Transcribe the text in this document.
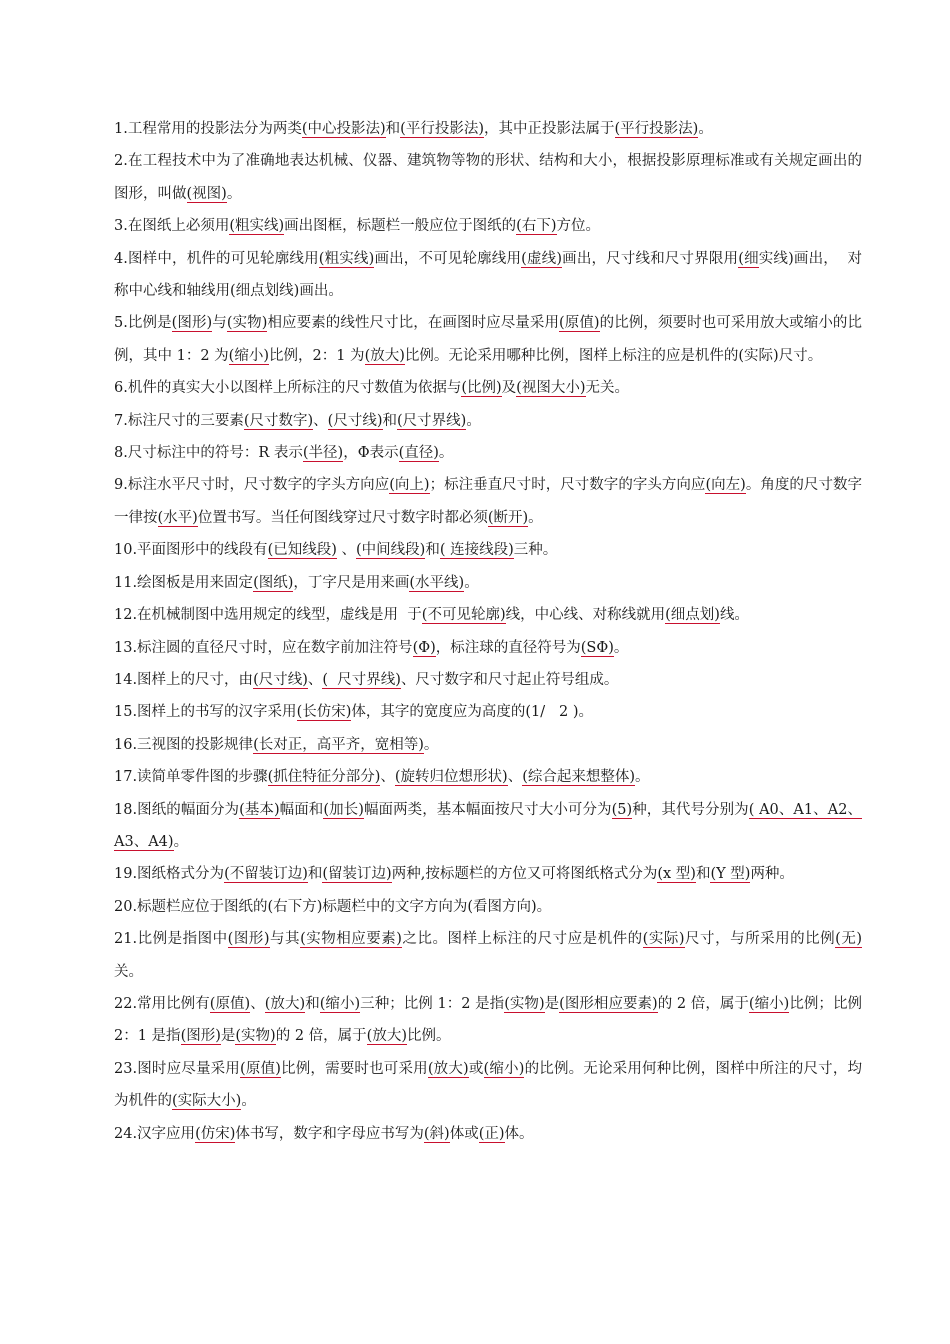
1.工程常用的投影法分为两类(中心投影法)和(平行投影法)，其中正投影法属于(平行投影法)。

2.在工程技术中为了准确地表达机械、仪器、建筑物等物的形状、结构和大小，根据投影原理标准或有关规定画出的图形，叫做(视图)。

3.在图纸上必须用(粗实线)画出图框，标题栏一般应位于图纸的(右下)方位。

4.图样中，机件的可见轮廓线用(粗实线)画出，不可见轮廓线用(虚线)画出，尺寸线和尺寸界限用(细实线)画出，  对称中心线和轴线用(细点划线)画出。

5.比例是(图形)与(实物)相应要素的线性尺寸比，在画图时应尽量采用(原值)的比例，须要时也可采用放大或缩小的比例，其中 1：2 为(缩小)比例，2：1 为(放大)比例。无论采用哪种比例，图样上标注的应是机件的(实际)尺寸。

6.机件的真实大小以图样上所标注的尺寸数值为依据与(比例)及(视图大小)无关。

7.标注尺寸的三要素(尺寸数字)、(尺寸线)和(尺寸界线)。

8.尺寸标注中的符号：R 表示(半径)，Φ表示(直径)。

9.标注水平尺寸时，尺寸数字的字头方向应(向上)；标注垂直尺寸时，尺寸数字的字头方向应(向左)。角度的尺寸数字一律按(水平)位置书写。当任何图线穿过尺寸数字时都必须(断开)。

10.平面图形中的线段有(已知线段) 、(中间线段)和( 连接线段)三种。

11.绘图板是用来固定(图纸)，丁字尺是用来画(水平线)。

12.在机械制图中选用规定的线型，虚线是用  于(不可见轮廓)线，中心线、对称线就用(细点划)线。

13.标注圆的直径尺寸时，应在数字前加注符号(Φ)，标注球的直径符号为(SΦ)。

14.图样上的尺寸，由(尺寸线)、(  尺寸界线)、尺寸数字和尺寸起止符号组成。

15.图样上的书写的汉字采用(长仿宋)体，其字的宽度应为高度的(1/   2 )。

16.三视图的投影规律(长对正，高平齐，宽相等)。

17.读简单零件图的步骤(抓住特征分部分)、(旋转归位想形状)、(综合起来想整体)。

18.图纸的幅面分为(基本)幅面和(加长)幅面两类，基本幅面按尺寸大小可分为(5)种，其代号分别为( A0、A1、A2、A3、A4)。

19.图纸格式分为(不留装订边)和(留装订边)两种,按标题栏的方位又可将图纸格式分为(x 型)和(Y 型)两种。

20.标题栏应位于图纸的(右下方)标题栏中的文字方向为(看图方向)。

21.比例是指图中(图形)与其(实物相应要素)之比。图样上标注的尺寸应是机件的(实际)尺寸，与所采用的比例(无)关。

22.常用比例有(原值)、(放大)和(缩小)三种；比例 1：2 是指(实物)是(图形相应要素)的 2 倍，属于(缩小)比例；比例 2：1 是指(图形)是(实物)的 2 倍，属于(放大)比例。

23.图时应尽量采用(原值)比例，需要时也可采用(放大)或(缩小)的比例。无论采用何种比例，图样中所注的尺寸，均为机件的(实际大小)。

24.汉字应用(仿宋)体书写，数字和字母应书写为(斜)体或(正)体。
